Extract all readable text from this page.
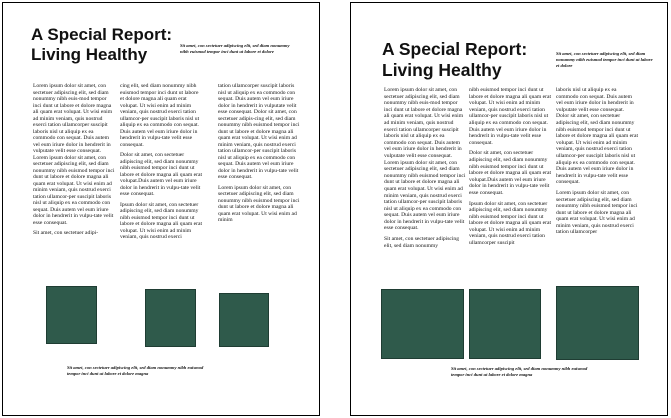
A Special Report:
Living Healthy	Sit amet, con sectetuer adipiscing elit, sed diam nonummy nibh euismod tempor inci dunt ut labore et dolore

Lorem ipsum dolor sit amet, con sectetuer adipiscing elit, sed diam nonummy nibh euis-mod tempor inci dunt ut labore et dolore magna ali quam erat volupat. Ut wisi enim ad minim veniam, quis nostrud exerci tation ullamcorper suscipit laboris nisl ut aliquip ex ea commodo con sequat. Duis autem vel eum iriure dolor in hendrerit in vulputate velit esse consequat. Lorem ipsum dolor sit amet, con sectetuer adipiscing elit, sed diam nonummy nibh euismod tempor inci dunt ut labore et dolore magna ali quam erat volupat. Ut wisi enim ad minim veniam, quis nostrud exerci tation ullamcor-per suscipit laboris nisl ut aliquip ex ea commodo con sequat. Duis autem vel eum iriure dolor in hendrerit in vulpu-tate velit esse consequat.

Sit amet, con sectetuer adipi-

cing elit, sed diam nonummy nibh euismod tempor inci dunt ut labore et dolore magna ali quam erat volupat. Ut wisi enim ad minim veniam, quis nostrud exerci tation ullamcor-per suscipit laboris nisl ut aliquip ex ea commodo con sequat. Duis autem vel eum iriure dolor in hendrerit in vulpu-tate velit esse consequat.

Dolor sit amet, con sectetuer adipiscing elit, sed diam nonummy nibh euismod tempor inci dunt ut labore et dolore magna ali quam erat volupat.Duis autem vel eum iriure dolor in hendrerit in vulpu-tate velit esse consequat.

Ipsum dolor sit amet, con sectetuer adipiscing elit, sed diam nonummy nibh euismod tempor inci dunt ut labore et dolore magna ali quam erat volupat. Ut wisi enim ad minim veniam, quis nostrud exerci

tation ullamcorper suscipit laboris nisl ut aliquip ex ea commodo con sequat. Duis autem vel eum iriure dolor in hendrerit in vulputate velit esse consequat. Dolor sit amet, con sectetuer adipis-cing elit, sed diam nonummy nibh euismod tempor inci dunt ut labore et dolore magna ali quam erat volupat. Ut wisi enim ad minim veniam, quis nostrud exerci tation ullamcor-per suscipit laboris nisl ut aliquip ex ea commodo con sequat. Duis autem vel eum iriure dolor in hendrerit in vulpu-tate velit esse consequat.

Lorem ipsum dolor sit amet, con sectetuer adipiscing elit, sed diam nonummy nibh euismod tempor inci dunt ut labore et dolore magna ali quam erat volupat. Ut wisi enim ad minim

Sit amet, con sectetuer adipiscing elit, sed diam nonummy nibh euismod tempor inci dunt ut labore et dolore magna
A Special Report:
Living Healthy
Sit amet, con sectetuer adipiscing elit, sed diam nonummy nibh euismod tempor inci dunt ut labore et dolore

Lorem ipsum dolor sit amet, con sectetuer adipiscing elit, sed diam nonummy nibh euis-mod tempor inci dunt ut labore et dolore magna ali quam erat volupat. Ut wisi enim ad minim veniam, quis nostrud exerci tation ullamcorper suscipit laboris nisl ut aliquip ex ea commodo con sequat. Duis autem vel eum iriure dolor in hendrerit in vulputate velit esse consequat. Lorem ipsum dolor sit amet, con sectetuer adipiscing elit, sed diam nonummy nibh euismod tempor inci dunt ut labore et dolore magna ali quam erat volupat. Ut wisi enim ad minim veniam, quis nostrud exerci tation ullamcor-per suscipit laboris nisl ut aliquip ex ea commodo con sequat. Duis autem vel eum iriure dolor in hendrerit in vulpu-tate velit esse consequat.

Sit amet, con sectetuer adipiscing elit, sed diam nonummy

nibh euismod tempor inci dunt ut labore et dolore magna ali quam erat volupat. Ut wisi enim ad minim veniam, quis nostrud exerci tation ullamcor-per suscipit laboris nisl ut aliquip ex ea commodo con sequat. Duis autem vel eum iriure dolor in hendrerit in vulpu-tate velit esse consequat.

Dolor sit amet, con sectetuer adipiscing elit, sed diam nonummy nibh euismod tempor inci dunt ut labore et dolore magna ali quam erat volupat.Duis autem vel eum iriure dolor in hendrerit in vulpu-tate velit esse consequat.

Ipsum dolor sit amet, con sectetuer adipiscing elit, sed diam nonummy nibh euismod tempor inci dunt ut labore et dolore magna ali quam erat volupat. Ut wisi enim ad minim veniam, quis nostrud exerci tation ullamcorper suscipit

laboris nisl ut aliquip ex ea commodo con sequat. Duis autem vel eum iriure dolor in hendrerit in vulputate velit esse consequat. Dolor sit amet, con sectetuer adipiscing elit, sed diam nonummy nibh euismod tempor inci dunt ut labore et dolore magna ali quam erat volupat. Ut wisi enim ad minim veniam, quis nostrud exerci tation ullamcor-per suscipit laboris nisl ut aliquip ex ea commodo con sequat. Duis autem vel eum iriure dolor in hendrerit in vulpu-tate velit esse consequat.

Lorem ipsum dolor sit amet, con sectetuer adipiscing elit, sed diam nonummy nibh euismod tempor inci dunt ut labore et dolore magna ali quam erat volupat. Ut wisi enim ad minim veniam, quis nostrud exerci tation ullamcorper

Sit amet, con sectetuer adipiscing elit, sed diam nonummy nibh euismod tempor inci dunt ut labore et dolore magna
